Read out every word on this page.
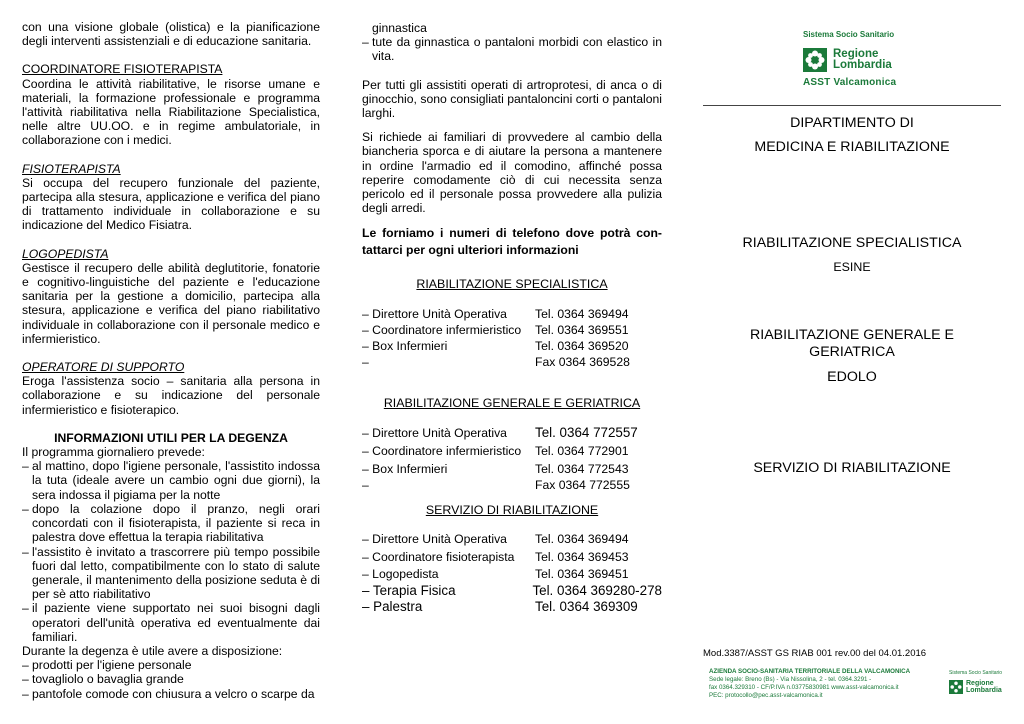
con una visione globale (olistica) e la pianificazione degli interventi assistenziali e di educazione sanitaria.

COORDINATORE FISIOTERAPISTA

Coordina le attività riabilitative, le risorse umane e materiali, la formazione professionale e programma l'attività riabilitativa nella Riabilitazione Specialistica, nelle altre UU.OO. e in regime ambulatoriale, in collaborazione con i medici.

FISIOTERAPISTA

Si occupa del recupero funzionale del paziente, partecipa alla stesura, applicazione e verifica del piano di trattamento individuale in collaborazione e su indicazione del Medico Fisiatra.

LOGOPEDISTA

Gestisce il recupero delle abilità deglutitorie, fonatorie e cognitivo-linguistiche del paziente e l'educazione sanitaria per la gestione a domicilio, partecipa alla stesura, applicazione e verifica del piano riabilitativo individuale in collaborazione con il personale medico e infermieristico.

OPERATORE DI SUPPORTO

Eroga l'assistenza socio – sanitaria alla persona in collaborazione e su indicazione del personale infermieristico e fisioterapico.

INFORMAZIONI UTILI PER LA DEGENZA

Il programma giornaliero prevede:

– al mattino, dopo l'igiene personale, l'assistito indossa la tuta (ideale avere un cambio ogni due giorni), la sera indossa il pigiama per la notte

– dopo la colazione dopo il pranzo, negli orari concordati con il fisioterapista, il paziente si reca in palestra dove effettua la terapia riabilitativa

– l'assistito è invitato a trascorrere più tempo possibile fuori dal letto, compatibilmente con lo stato di salute generale, il mantenimento della posizione seduta è di per sè atto riabilitativo

– il paziente viene supportato nei suoi bisogni dagli operatori dell'unità operativa ed eventualmente dai familiari.

Durante la degenza è utile avere a disposizione:

– prodotti per l'igiene personale

– tovagliolo o bavaglia grande

– pantofole comode con chiusura a velcro o scarpe da

ginnastica

– tute da ginnastica o pantaloni morbidi con elastico in vita.

Per tutti gli assistiti operati di artroprotesi, di anca o di ginocchio, sono consigliati pantaloncini corti o pantaloni larghi.

Si richiede ai familiari di provvedere al cambio della biancheria sporca e di aiutare la persona a mantenere in ordine l'armadio ed il comodino, affinché possa reperire comodamente ciò di cui necessita senza pericolo ed il personale possa provvedere alla pulizia degli arredi.

Le forniamo i numeri di telefono dove potrà con-tattarci per ogni ulteriori informazioni

RIABILITAZIONE SPECIALISTICA

– Direttore Unità Operativa	Tel. 0364 369494
– Coordinatore infermieristico	Tel. 0364 369551
– Box Infermieri	Tel. 0364 369520
–	Fax 0364 369528

RIABILITAZIONE GENERALE E GERIATRICA

– Direttore Unità Operativa	Tel. 0364 772557
– Coordinatore infermieristico	Tel. 0364 772901
– Box Infermieri	Tel. 0364 772543
–	Fax 0364 772555

SERVIZIO DI RIABILITAZIONE

– Direttore Unità Operativa	Tel. 0364 369494
– Coordinatore fisioterapista	Tel. 0364 369453
– Logopedista	Tel. 0364 369451
– Terapia Fisica	Tel. 0364 369280-278
– Palestra	Tel. 0364 369309
Sistema Socio Sanitario
Regione
Lombardia
ASST Valcamonica
DIPARTIMENTO DI
MEDICINA E RIABILITAZIONE
RIABILITAZIONE SPECIALISTICA
ESINE
RIABILITAZIONE GENERALE E
GERIATRICA
EDOLO
SERVIZIO DI RIABILITAZIONE
Mod.3387/ASST GS RIAB 001 rev.00 del 04.01.2016
AZIENDA SOCIO-SANITARIA TERRITORIALE DELLA VALCAMONICA
Sede legale: Breno (Bs) - Via Nissolina, 2 - tel. 0364.3291 -
fax 0364.329310 - CF/P.IVA n.03775830981 www.asst-valcamonica.it
PEC: protocollo@pec.asst-valcamonica.it
Sistema Socio Sanitario
Regione
Lombardia
